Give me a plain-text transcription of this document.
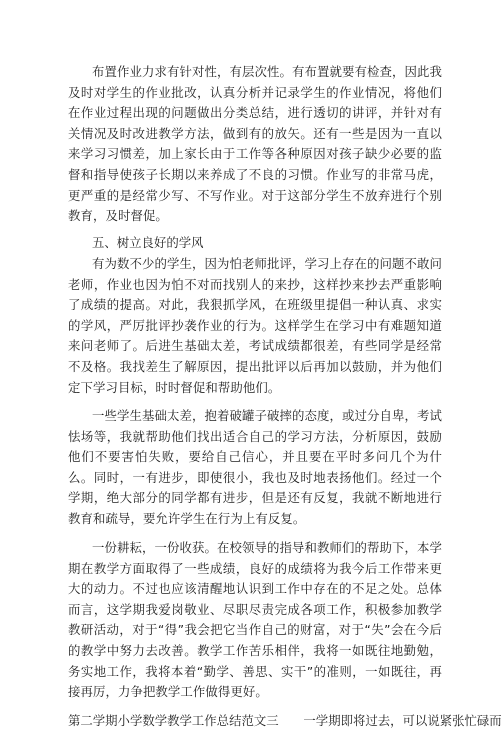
布置作业力求有针对性，有层次性。有布置就要有检查，因此我及时对学生的作业批改，认真分析并记录学生的作业情况，将他们在作业过程出现的问题做出分类总结，进行透切的讲评，并针对有关情况及时改进教学方法，做到有的放矢。还有一些是因为一直以来学习习惯差，加上家长由于工作等各种原因对孩子缺少必要的监督和指导使孩子长期以来养成了不良的习惯。作业写的非常马虎，更严重的是经常少写、不写作业。对于这部分学生不放弃进行个别教育，及时督促。

五、树立良好的学风

有为数不少的学生，因为怕老师批评，学习上存在的问题不敢问老师，作业也因为怕不对而找别人的来抄，这样抄来抄去严重影响了成绩的提高。对此，我狠抓学风，在班级里提倡一种认真、求实的学风，严厉批评抄袭作业的行为。这样学生在学习中有难题知道来问老师了。后进生基础太差，考试成绩都很差，有些同学是经常不及格。我找差生了解原因，提出批评以后再加以鼓励，并为他们定下学习目标，时时督促和帮助他们。

一些学生基础太差，抱着破罐子破摔的态度，或过分自卑，考试怯场等，我就帮助他们找出适合自己的学习方法，分析原因，鼓励他们不要害怕失败，要给自己信心，并且要在平时多问几个为什么。同时，一有进步，即使很小，我也及时地表扬他们。经过一个学期，绝大部分的同学都有进步，但是还有反复，我就不断地进行教育和疏导，要允许学生在行为上有反复。

一份耕耘，一份收获。在校领导的指导和教师们的帮助下，本学期在教学方面取得了一些成绩，良好的成绩将为我今后工作带来更大的动力。不过也应该清醒地认识到工作中存在的不足之处。总体而言，这学期我爱岗敬业、尽职尽责完成各项工作，积极参加教学教研活动，对于“得”我会把它当作自己的财富，对于“失”会在今后的教学中努力去改善。教学工作苦乐相伴，我将一如既往地勤勉，务实地工作，我将本着“勤学、善思、实干”的准则，一如既往，再接再厉，力争把教学工作做得更好。

第二学期小学数学教学工作总结范文三　　一学期即将过去，可以说紧张忙碌而
